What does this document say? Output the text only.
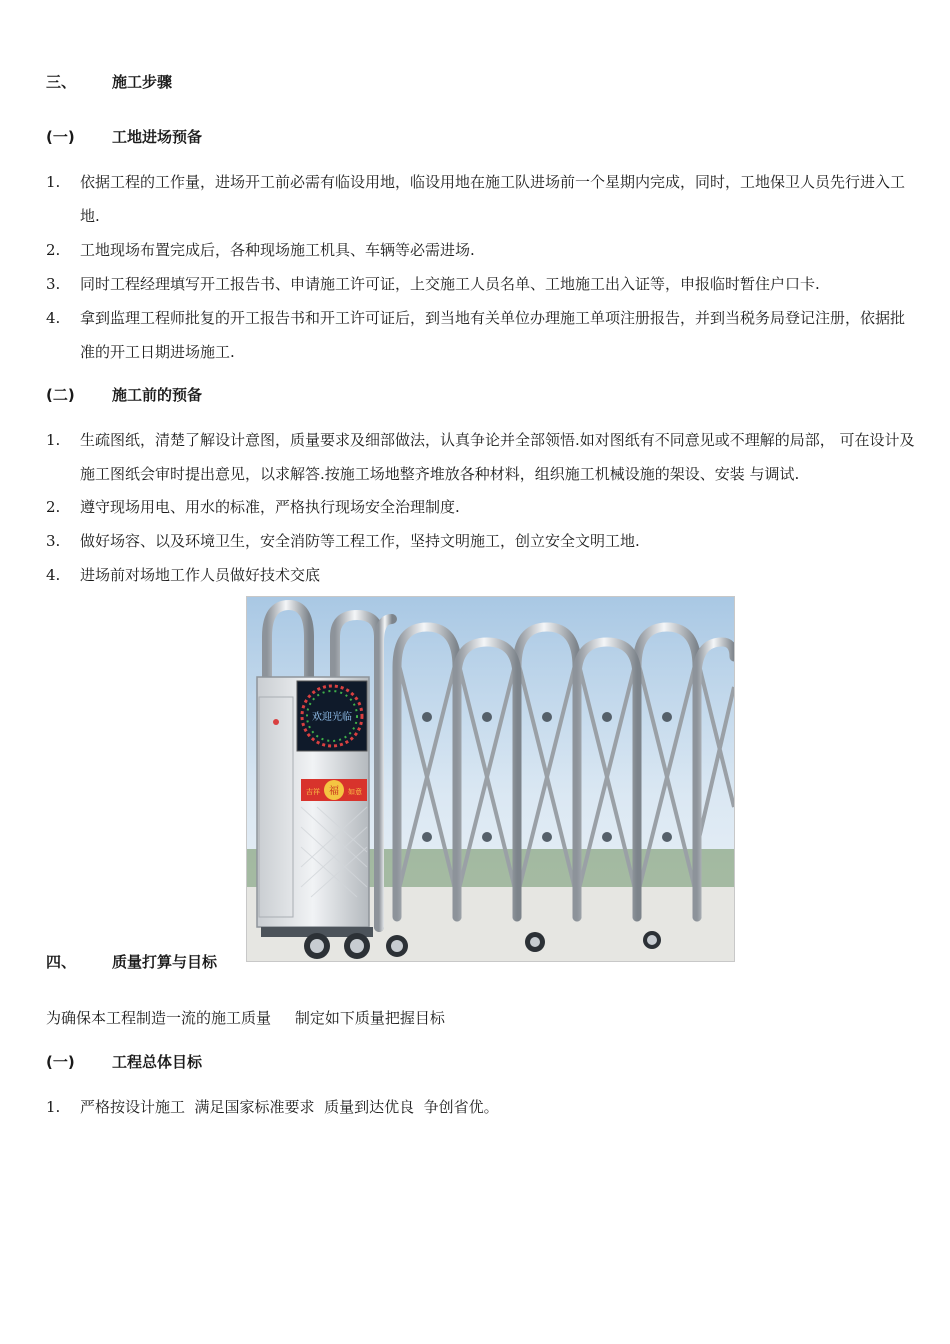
三、 施工步骤
(一) 工地进场预备
1.	依据工程的工作量，进场开工前必需有临设用地，临设用地在施工队进场前一个星期内完成，同时，工地保卫人员先行进入工地.
2.	工地现场布置完成后，各种现场施工机具、车辆等必需进场.
3.	同时工程经理填写开工报告书、申请施工许可证，上交施工人员名单、工地施工出入证等，申报临时暂住户口卡.
4.	拿到监理工程师批复的开工报告书和开工许可证后，到当地有关单位办理施工单项注册报告，并到当税务局登记注册，依据批准的开工日期进场施工.
(二) 施工前的预备
1.	生疏图纸，清楚了解设计意图，质量要求及细部做法，认真争论并全部领悟.如对图纸有不同意见或不理解的局部， 可在设计及施工图纸会审时提出意见，以求解答.按施工场地整齐堆放各种材料，组织施工机械设施的架设、安装 与调试.
2.	遵守现场用电、用水的标准，严格执行现场安全治理制度.
3.	做好场容、以及环境卫生，安全消防等工程工作，坚持文明施工，创立安全文明工地.
4.	进场前对场地工作人员做好技术交底
欢迎光临
吉祥 福 如意
四、 质量打算与目标
为确保本工程制造一流的施工质量     制定如下质量把握目标
(一) 工程总体目标
1.	严格按设计施工  满足国家标准要求  质量到达优良  争创省优。
